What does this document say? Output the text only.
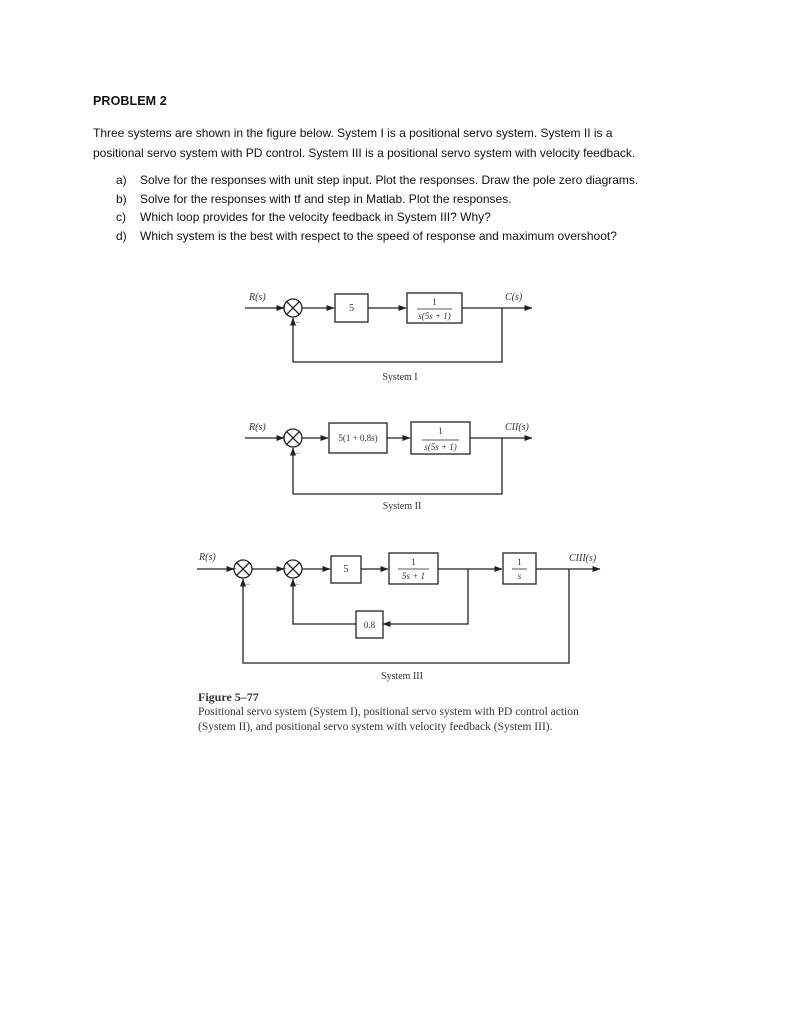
PROBLEM 2
Three systems are shown in the figure below. System I is a positional servo system. System II is a
positional servo system with PD control. System III is a positional servo system with velocity feedback.
a) Solve for the responses with unit step input. Plot the responses. Draw the pole zero diagrams.
b) Solve for the responses with tf and step in Matlab. Plot the responses.
c) Which loop provides for the velocity feedback in System III? Why?
d) Which system is the best with respect to the speed of response and maximum overshoot?
R(s)	C(s)
+
−
5
1
s(5s + 1)
System I
R(s)	CII(s)
+
−
5(1 + 0.8s)
1
s(5s + 1)
System II
R(s)	CIII(s)
+
−
+
−
5
1
5s + 1
1
s
0.8
System III
Figure 5–77
Positional servo system (System I), positional servo system with PD control action (System II), and positional servo system with velocity feedback (System III).
